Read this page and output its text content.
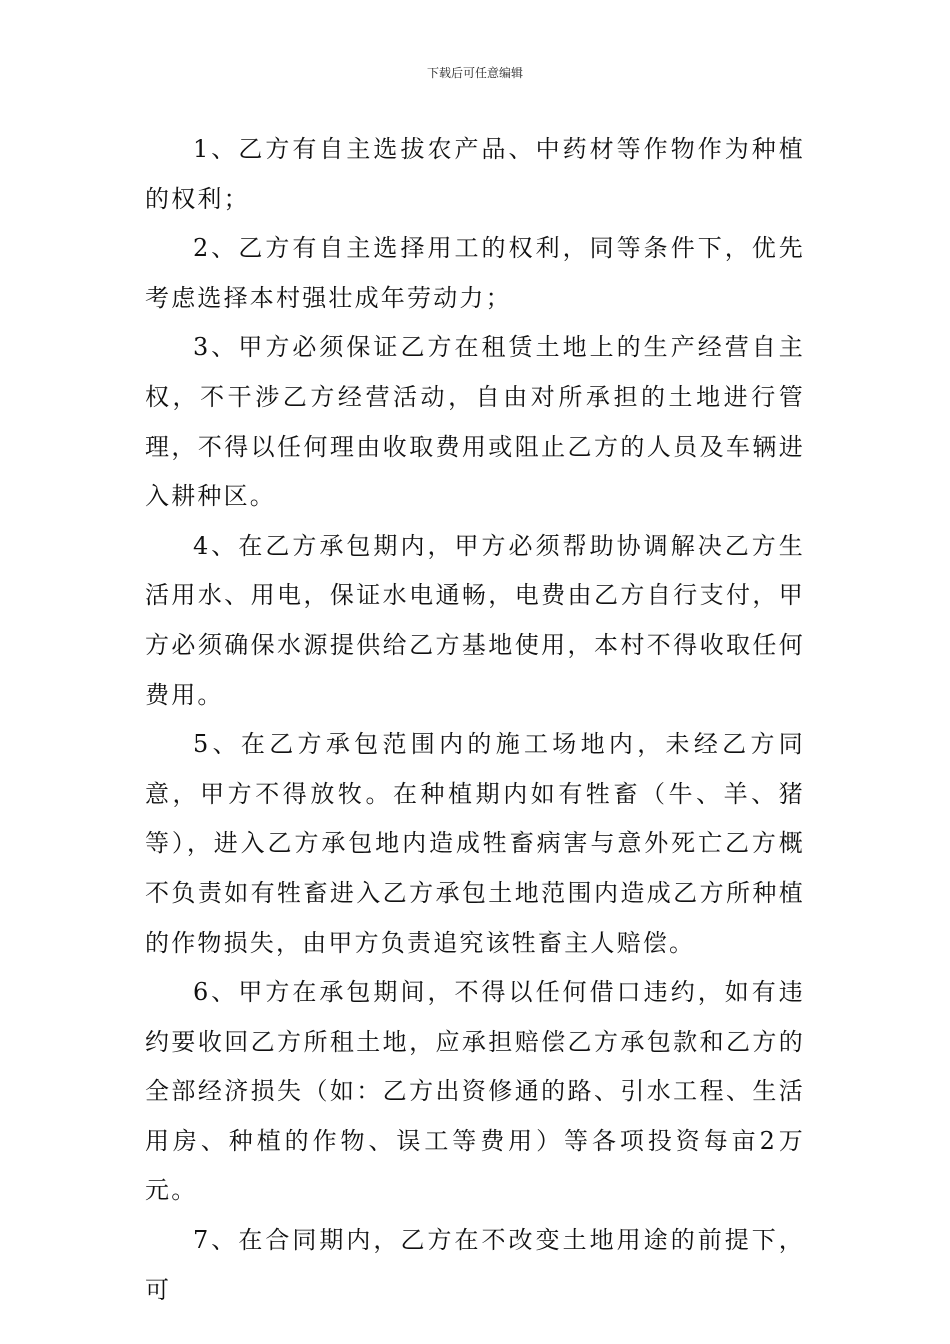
下载后可任意编辑

1、乙方有自主选拔农产品、中药材等作物作为种植的权利；

2、乙方有自主选择用工的权利，同等条件下，优先考虑选择本村强壮成年劳动力；

3、甲方必须保证乙方在租赁土地上的生产经营自主权，不干涉乙方经营活动，自由对所承担的土地进行管理，不得以任何理由收取费用或阻止乙方的人员及车辆进入耕种区。

4、在乙方承包期内，甲方必须帮助协调解决乙方生活用水、用电，保证水电通畅，电费由乙方自行支付，甲方必须确保水源提供给乙方基地使用，本村不得收取任何费用。

5、在乙方承包范围内的施工场地内，未经乙方同意，甲方不得放牧。在种植期内如有牲畜（牛、羊、猪等），进入乙方承包地内造成牲畜病害与意外死亡乙方概不负责如有牲畜进入乙方承包土地范围内造成乙方所种植的作物损失，由甲方负责追究该牲畜主人赔偿。

6、甲方在承包期间，不得以任何借口违约，如有违约要收回乙方所租土地，应承担赔偿乙方承包款和乙方的全部经济损失（如：乙方出资修通的路、引水工程、生活用房、种植的作物、误工等费用）等各项投资每亩2万元。

7、在合同期内，乙方在不改变土地用途的前提下，可
